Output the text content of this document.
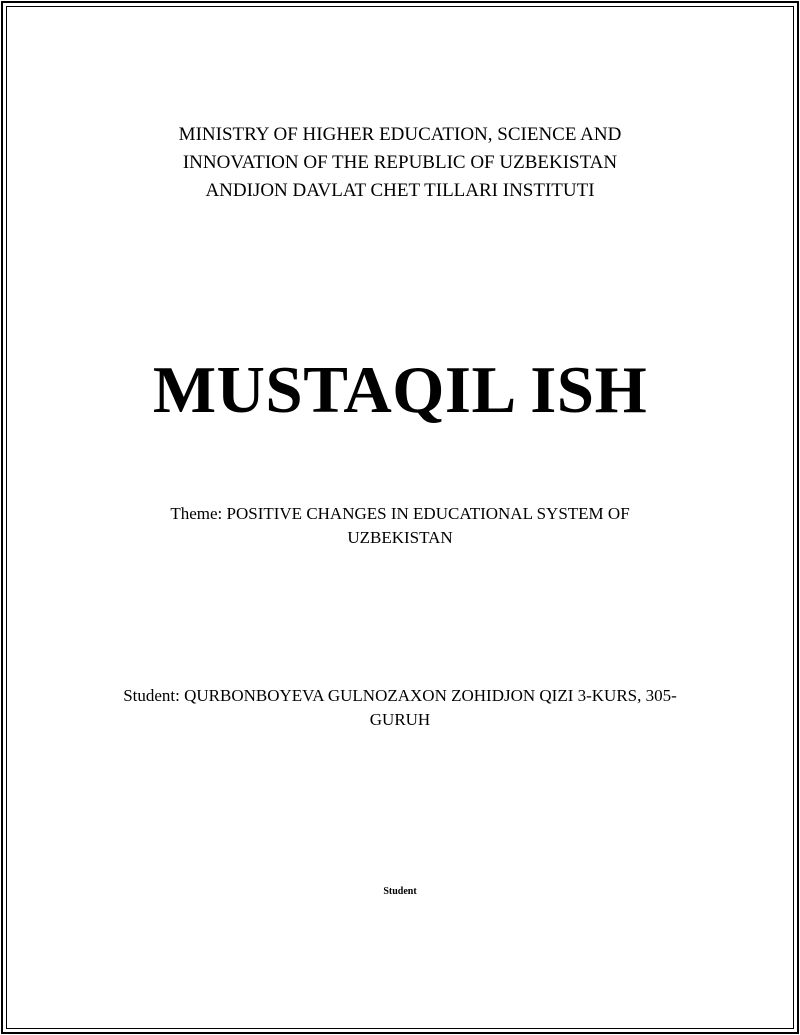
MINISTRY OF HIGHER EDUCATION, SCIENCE AND
INNOVATION OF THE REPUBLIC OF UZBEKISTAN
ANDIJON DAVLAT CHET TILLARI INSTITUTI
MUSTAQIL ISH
Theme: POSITIVE CHANGES IN EDUCATIONAL SYSTEM OF UZBEKISTAN
Student: QURBONBOYEVA GULNOZAXON ZOHIDJON QIZI 3-KURS, 305-GURUH
Student
